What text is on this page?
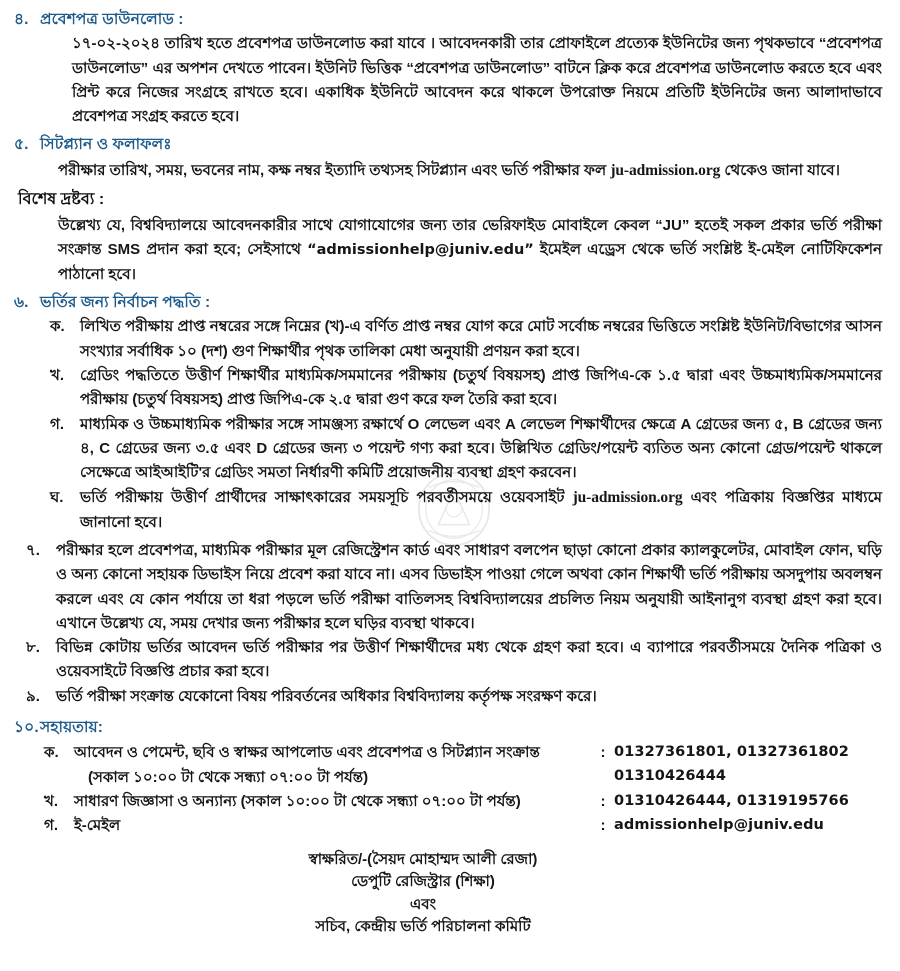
৪. প্রবেশপত্র ডাউনলোড :

১৭-০২-২০২৪ তারিখ হতে প্রবেশপত্র ডাউনলোড করা যাবে । আবেদনকারী তার প্রোফাইলে প্রত্যেক ইউনিটের জন্য পৃথকভাবে “প্রবেশপত্র ডাউনলোড” এর অপশন দেখতে পাবেন। ইউনিট ভিত্তিক “প্রবেশপত্র ডাউনলোড” বাটনে ক্লিক করে প্রবেশপত্র ডাউনলোড করতে হবে এবং প্রিন্ট করে নিজের সংগ্রহে রাখতে হবে। একাধিক ইউনিটে আবেদন করে থাকলে উপরোক্ত নিয়মে প্রতিটি ইউনিটের জন্য আলাদাভাবে প্রবেশপত্র সংগ্রহ করতে হবে।

৫. সিটপ্ল্যান ও ফলাফলঃ

পরীক্ষার তারিখ, সময়, ভবনের নাম, কক্ষ নম্বর ইত্যাদি তথ্যসহ সিটপ্ল্যান এবং ভর্তি পরীক্ষার ফল ju-admission.org থেকেও জানা যাবে।

বিশেষ দ্রষ্টব্য :

উল্লেখ্য যে, বিশ্ববিদ্যালয়ে আবেদনকারীর সাথে যোগাযোগের জন্য তার ভেরিফাইড মোবাইলে কেবল “JU” হতেই সকল প্রকার ভর্তি পরীক্ষা সংক্রান্ত SMS প্রদান করা হবে; সেইসাথে “admissionhelp@juniv.edu” ইমেইল এড্রেস থেকে ভর্তি সংশ্লিষ্ট ই-মেইল নোটিফিকেশন পাঠানো হবে।

৬. ভর্তির জন্য নির্বাচন পদ্ধতি :
ক.	লিখিত পরীক্ষায় প্রাপ্ত নম্বরের সঙ্গে নিম্নের (খ)-এ বর্ণিত প্রাপ্ত নম্বর যোগ করে মোট সর্বোচ্চ নম্বরের ভিত্তিতে সংশ্লিষ্ট ইউনিট/বিভাগের আসন সংখ্যার সর্বাধিক ১০ (দশ) গুণ শিক্ষার্থীর পৃথক তালিকা মেধা অনুযায়ী প্রণয়ন করা হবে।
খ.	গ্রেডিং পদ্ধতিতে উত্তীর্ণ শিক্ষার্থীর মাধ্যমিক/সমমানের পরীক্ষায় (চতুর্থ বিষয়সহ) প্রাপ্ত জিপিএ-কে ১.৫ দ্বারা এবং উচ্চমাধ্যমিক/সমমানের পরীক্ষায় (চতুর্থ বিষয়সহ) প্রাপ্ত জিপিএ-কে ২.৫ দ্বারা গুণ করে ফল তৈরি করা হবে।
গ.	মাধ্যমিক ও উচ্চমাধ্যমিক পরীক্ষার সঙ্গে সামঞ্জস্য রক্ষার্থে O লেভেল এবং A লেভেল শিক্ষার্থীদের ক্ষেত্রে A গ্রেডের জন্য ৫, B গ্রেডের জন্য ৪, C গ্রেডের জন্য ৩.৫ এবং D গ্রেডের জন্য ৩ পয়েন্ট গণ্য করা হবে। উল্লিখিত গ্রেডিং/পয়েন্ট ব্যতিত অন্য কোনো গ্রেড/পয়েন্ট থাকলে সেক্ষেত্রে আইআইটি'র গ্রেডিং সমতা নির্ধারণী কমিটি প্রয়োজনীয় ব্যবস্থা গ্রহণ করবেন।
ঘ.	ভর্তি পরীক্ষায় উত্তীর্ণ প্রার্থীদের সাক্ষাৎকারের সময়সূচি পরবর্তীসময়ে ওয়েবসাইট ju-admission.org এবং পত্রিকায় বিজ্ঞপ্তির মাধ্যমে জানানো হবে।
৭.	পরীক্ষার হলে প্রবেশপত্র, মাধ্যমিক পরীক্ষার মূল রেজিস্ট্রেশন কার্ড এবং সাধারণ বলপেন ছাড়া কোনো প্রকার ক্যালকুলেটর, মোবাইল ফোন, ঘড়ি ও অন্য কোনো সহায়ক ডিভাইস নিয়ে প্রবেশ করা যাবে না। এসব ডিভাইস পাওয়া গেলে অথবা কোন শিক্ষার্থী ভর্তি পরীক্ষায় অসদুপায় অবলম্বন করলে এবং যে কোন পর্যায়ে তা ধরা পড়লে ভর্তি পরীক্ষা বাতিলসহ বিশ্ববিদ্যালয়ের প্রচলিত নিয়ম অনুযায়ী আইনানুগ ব্যবস্থা গ্রহণ করা হবে। এখানে উল্লেখ্য যে, সময় দেখার জন্য পরীক্ষার হলে ঘড়ির ব্যবস্থা থাকবে।
৮.	বিভিন্ন কোটায় ভর্তির আবেদন ভর্তি পরীক্ষার পর উত্তীর্ণ শিক্ষার্থীদের মধ্য থেকে গ্রহণ করা হবে। এ ব্যাপারে পরবর্তীসময়ে দৈনিক পত্রিকা ও ওয়েবসাইটে বিজ্ঞপ্তি প্রচার করা হবে।
৯.	ভর্তি পরীক্ষা সংক্রান্ত যেকোনো বিষয় পরিবর্তনের অধিকার বিশ্ববিদ্যালয় কর্তৃপক্ষ সংরক্ষণ করে।
১০. সহায়তায়:
ক.	আবেদন ও পেমেন্ট, ছবি ও স্বাক্ষর আপলোড এবং প্রবেশপত্র ও সিটপ্ল্যান সংক্রান্ত
(সকাল ১০:০০ টা থেকে সন্ধ্যা ০৭:০০ টা পর্যন্ত)	:	01327361801, 01327361802
01310426444
খ.	সাধারণ জিজ্ঞাসা ও অন্যান্য (সকাল ১০:০০ টা থেকে সন্ধ্যা ০৭:০০ টা পর্যন্ত)	:	01310426444, 01319195766
গ.	ই-মেইল	:	admissionhelp@juniv.edu
স্বাক্ষরিত/-(সৈয়দ মোহাম্মদ আলী রেজা)
ডেপুটি রেজিস্ট্রার (শিক্ষা)
এবং
সচিব, কেন্দ্রীয় ভর্তি পরিচালনা কমিটি
